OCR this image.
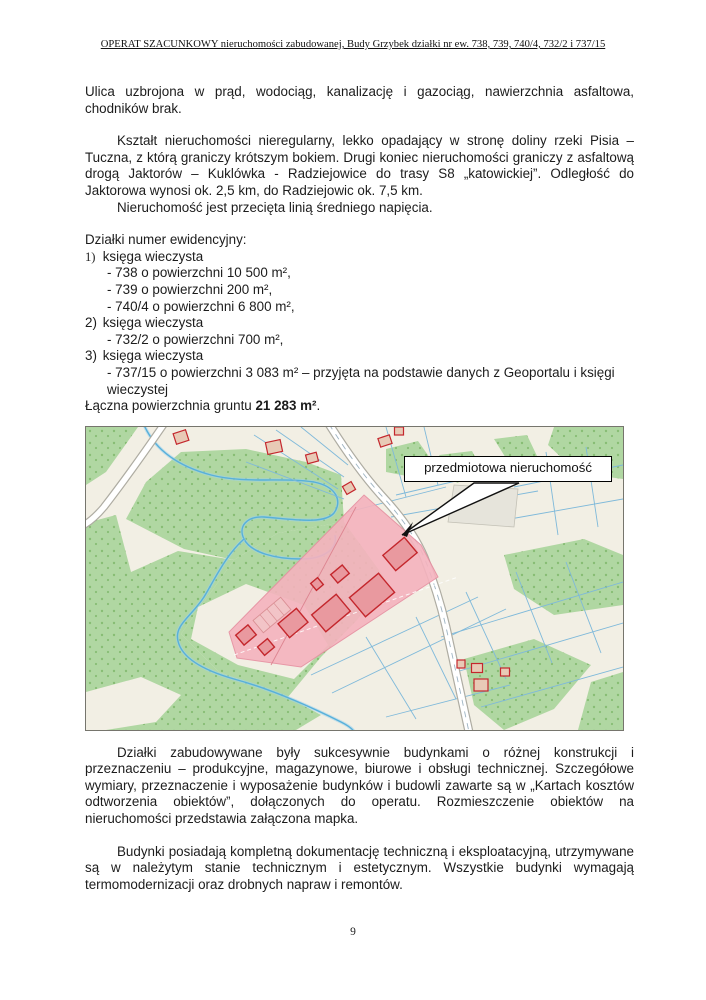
OPERAT SZACUNKOWY nieruchomości zabudowanej, Budy Grzybek działki nr ew. 738, 739, 740/4, 732/2 i 737/15
Ulica uzbrojona w prąd, wodociąg, kanalizację i gazociąg, nawierzchnia asfaltowa, chodników brak.
Kształt nieruchomości nieregularny, lekko opadający w stronę doliny rzeki Pisia – Tuczna, z którą graniczy krótszym bokiem. Drugi koniec nieruchomości graniczy z asfaltową drogą Jaktorów – Kuklówka - Radziejowice do trasy S8 „katowickiej”. Odległość do Jaktorowa wynosi ok. 2,5 km, do Radziejowic ok. 7,5 km.
Nieruchomość jest przecięta linią średniego napięcia.
Działki numer ewidencyjny:
1) księga wieczysta
- 738 o powierzchni 10 500 m²,
- 739 o powierzchni 200 m²,
- 740/4 o powierzchni 6 800 m²,
2) księga wieczysta
- 732/2 o powierzchni 700 m²,
3) księga wieczysta
- 737/15 o powierzchni 3 083 m² – przyjęta na podstawie danych z Geoportalu i księgi wieczystej
Łączna powierzchnia gruntu 21 283 m².
przedmiotowa nieruchomość
Działki zabudowywane były sukcesywnie budynkami o różnej konstrukcji i przeznaczeniu – produkcyjne, magazynowe, biurowe i obsługi technicznej. Szczegółowe wymiary, przeznaczenie i wyposażenie budynków i budowli zawarte są w „Kartach kosztów odtworzenia obiektów”, dołączonych do operatu. Rozmieszczenie obiektów na nieruchomości przedstawia załączona mapka.
Budynki posiadają kompletną dokumentację techniczną i eksploatacyjną, utrzymywane są w należytym stanie technicznym i estetycznym. Wszystkie budynki wymagają termomodernizacji oraz drobnych napraw i remontów.
9
